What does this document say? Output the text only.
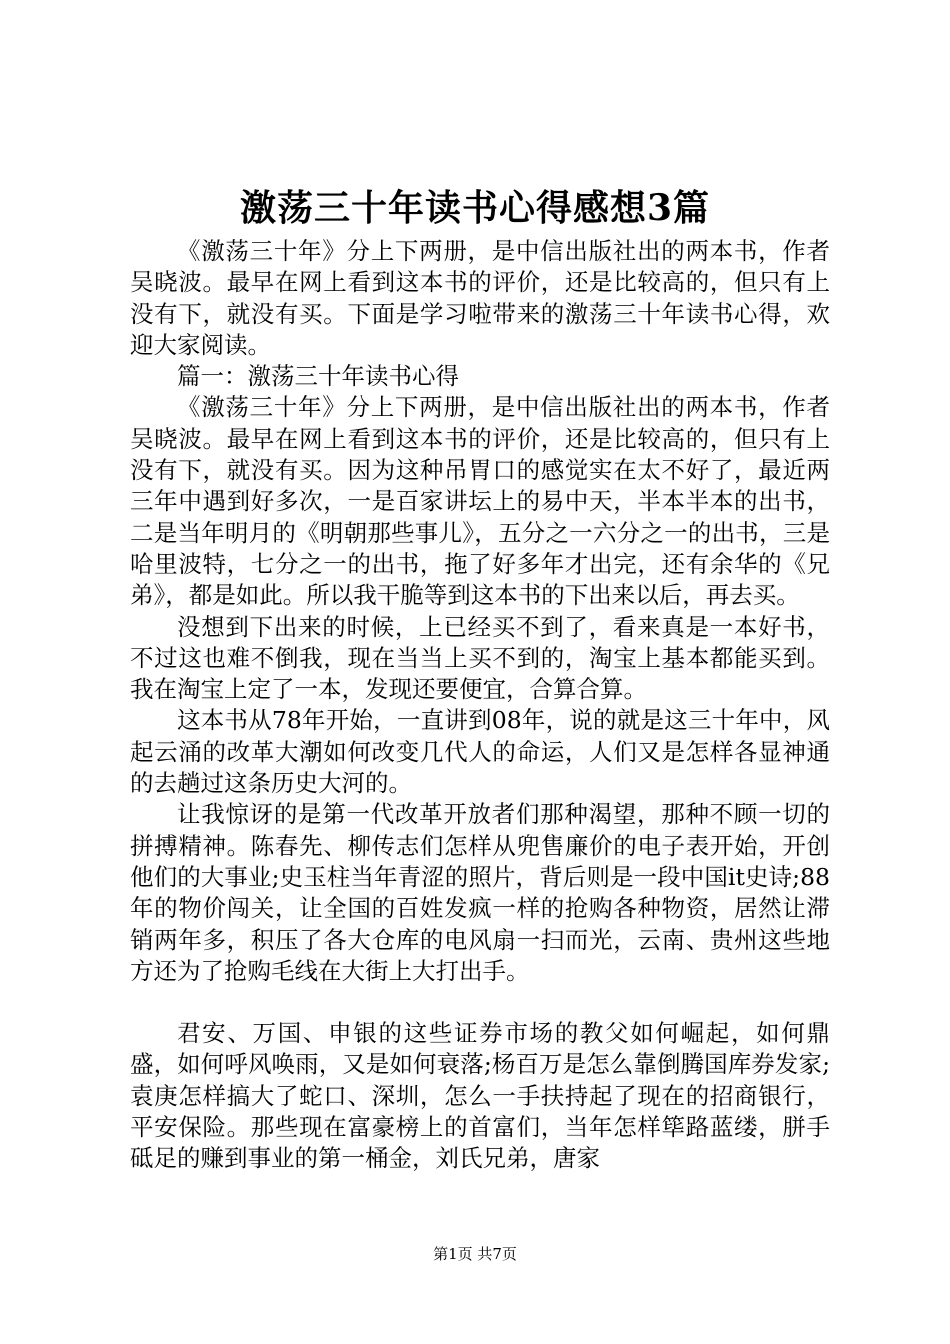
激荡三十年读书心得感想3篇

《激荡三十年》分上下两册，是中信出版社出的两本书，作者吴晓波。最早在网上看到这本书的评价，还是比较高的，但只有上没有下，就没有买。下面是学习啦带来的激荡三十年读书心得，欢迎大家阅读。

篇一：激荡三十年读书心得

《激荡三十年》分上下两册，是中信出版社出的两本书，作者吴晓波。最早在网上看到这本书的评价，还是比较高的，但只有上没有下，就没有买。因为这种吊胃口的感觉实在太不好了，最近两三年中遇到好多次，一是百家讲坛上的易中天，半本半本的出书，二是当年明月的《明朝那些事儿》，五分之一六分之一的出书，三是哈里波特，七分之一的出书，拖了好多年才出完，还有余华的《兄弟》，都是如此。所以我干脆等到这本书的下出来以后，再去买。

没想到下出来的时候，上已经买不到了，看来真是一本好书，不过这也难不倒我，现在当当上买不到的，淘宝上基本都能买到。我在淘宝上定了一本，发现还要便宜，合算合算。

这本书从78年开始，一直讲到08年，说的就是这三十年中，风起云涌的改革大潮如何改变几代人的命运，人们又是怎样各显神通的去趟过这条历史大河的。

让我惊讶的是第一代改革开放者们那种渴望，那种不顾一切的拼搏精神。陈春先、柳传志们怎样从兜售廉价的电子表开始，开创他们的大事业;史玉柱当年青涩的照片，背后则是一段中国it史诗;88年的物价闯关，让全国的百姓发疯一样的抢购各种物资，居然让滞销两年多，积压了各大仓库的电风扇一扫而光，云南、贵州这些地方还为了抢购毛线在大街上大打出手。

君安、万国、申银的这些证券市场的教父如何崛起，如何鼎盛，如何呼风唤雨，又是如何衰落;杨百万是怎么靠倒腾国库券发家;袁庚怎样搞大了蛇口、深圳，怎么一手扶持起了现在的招商银行，平安保险。那些现在富豪榜上的首富们，当年怎样筚路蓝缕，胼手砥足的赚到事业的第一桶金，刘氏兄弟，唐家

第1页 共7页
